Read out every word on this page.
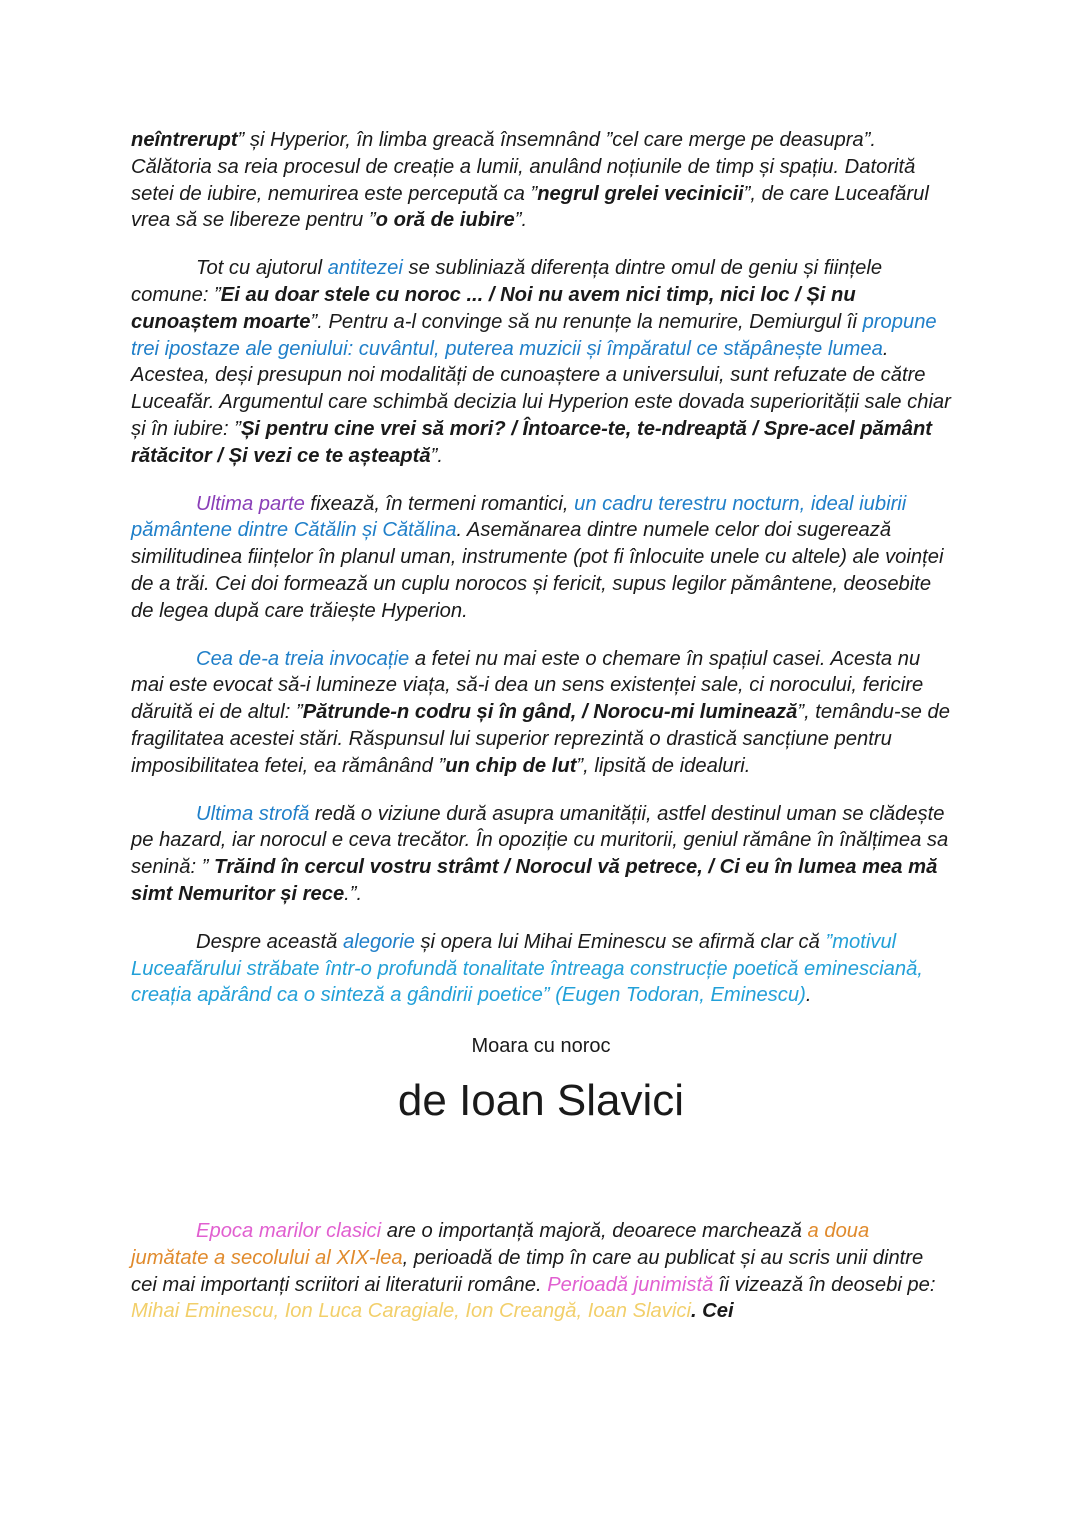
neîntrerupt” și Hyperior, în limba greacă însemnând ”cel care merge pe deasupra”. Călătoria sa reia procesul de creație a lumii, anulând noțiunile de timp și spațiu. Datorită setei de iubire, nemurirea este percepută ca ”negrul grelei vecinicii”, de care Luceafărul vrea să se libereze pentru ”o oră de iubire”.

Tot cu ajutorul antitezei se subliniază diferența dintre omul de geniu și ființele comune: ”Ei au doar stele cu noroc ... / Noi nu avem nici timp, nici loc / Și nu cunoaștem moarte”. Pentru a-l convinge să nu renunțe la nemurire, Demiurgul îi propune trei ipostaze ale geniului: cuvântul, puterea muzicii și împăratul ce stăpânește lumea. Acestea, deși presupun noi modalități de cunoaștere a universului, sunt refuzate de către Luceafăr. Argumentul care schimbă decizia lui Hyperion este dovada superiorității sale chiar și în iubire: ”Și pentru cine vrei să mori? / Întoarce-te, te-ndreaptă / Spre-acel pământ rătăcitor / Și vezi ce te așteaptă”.

Ultima parte fixează, în termeni romantici, un cadru terestru nocturn, ideal iubirii pământene dintre Cătălin și Cătălina. Asemănarea dintre numele celor doi sugerează similitudinea ființelor în planul uman, instrumente (pot fi înlocuite unele cu altele) ale voinței de a trăi. Cei doi formează un cuplu norocos și fericit, supus legilor pământene, deosebite de legea după care trăiește Hyperion.

Cea de-a treia invocație a fetei nu mai este o chemare în spațiul casei. Acesta nu mai este evocat să-i lumineze viața, să-i dea un sens existenței sale, ci norocului, fericire dăruită ei de altul: ”Pătrunde-n codru și în gând, / Norocu-mi luminează”, temându-se de fragilitatea acestei stări. Răspunsul lui superior reprezintă o drastică sancțiune pentru imposibilitatea fetei, ea rămânând ”un chip de lut”, lipsită de idealuri.

Ultima strofă redă o viziune dură asupra umanității, astfel destinul uman se clădește pe hazard, iar norocul e ceva trecător. În opoziție cu muritorii, geniul rămâne în înălțimea sa senină: ” Trăind în cercul vostru strâmt / Norocul vă petrece, / Ci eu în lumea mea mă simt Nemuritor și rece.”.

Despre această alegorie și opera lui Mihai Eminescu se afirmă clar că ”motivul Luceafărului străbate într-o profundă tonalitate întreaga construcție poetică eminesciană, creația apărând ca o sinteză a gândirii poetice” (Eugen Todoran, Eminescu).

Moara cu noroc
de Ioan Slavici

Epoca marilor clasici are o importanță majoră, deoarece marchează a doua jumătate a secolului al XIX-lea, perioadă de timp în care au publicat și au scris unii dintre cei mai importanți scriitori ai literaturii române. Perioadă junimistă îi vizează în deosebi pe: Mihai Eminescu, Ion Luca Caragiale, Ion Creangă, Ioan Slavici. Cei
